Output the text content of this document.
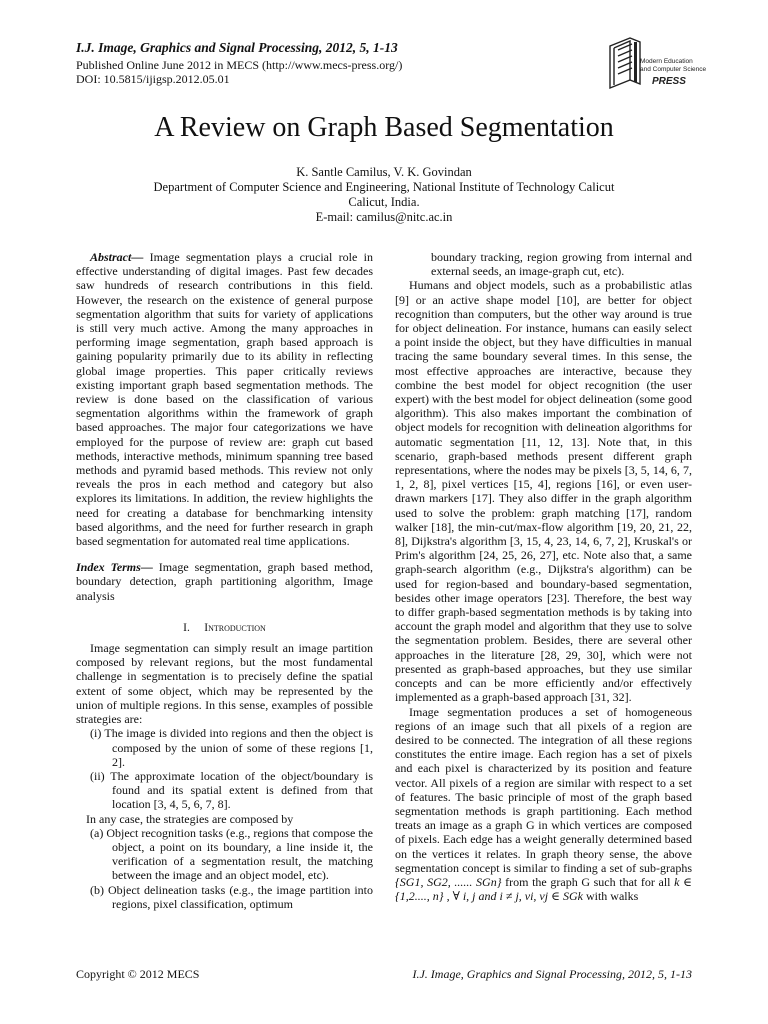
I.J. Image, Graphics and Signal Processing, 2012, 5, 1-13
Published Online June 2012 in MECS (http://www.mecs-press.org/)
DOI: 10.5815/ijigsp.2012.05.01
Modern Education
and Computer Science
PRESS
A Review on Graph Based Segmentation
K. Santle Camilus, V. K. Govindan
Department of Computer Science and Engineering, National Institute of Technology Calicut
Calicut, India.
E-mail: camilus@nitc.ac.in

Abstract— Image segmentation plays a crucial role in effective understanding of digital images. Past few decades saw hundreds of research contributions in this field. However, the research on the existence of general purpose segmentation algorithm that suits for variety of applications is still very much active. Among the many approaches in performing image segmentation, graph based approach is gaining popularity primarily due to its ability in reflecting global image properties. This paper critically reviews existing important graph based segmentation methods. The review is done based on the classification of various segmentation algorithms within the framework of graph based approaches. The major four categorizations we have employed for the purpose of review are: graph cut based methods, interactive methods, minimum spanning tree based methods and pyramid based methods. This review not only reveals the pros in each method and category but also explores its limitations. In addition, the review highlights the need for creating a database for benchmarking intensity based algorithms, and the need for further research in graph based segmentation for automated real time applications.

Index Terms— Image segmentation, graph based method, boundary detection, graph partitioning algorithm, Image analysis

I. Introduction

Image segmentation can simply result an image partition composed by relevant regions, but the most fundamental challenge in segmentation is to precisely define the spatial extent of some object, which may be represented by the union of multiple regions. In this sense, examples of possible strategies are:

(i) The image is divided into regions and then the object is composed by the union of some of these regions [1, 2].

(ii) The approximate location of the object/boundary is found and its spatial extent is defined from that location [3, 4, 5, 6, 7, 8].

In any case, the strategies are composed by

(a) Object recognition tasks (e.g., regions that compose the object, a point on its boundary, a line inside it, the verification of a segmentation result, the matching between the image and an object model, etc).

(b) Object delineation tasks (e.g., the image partition into regions, pixel classification, optimum

boundary tracking, region growing from internal and external seeds, an image-graph cut, etc).

Humans and object models, such as a probabilistic atlas [9] or an active shape model [10], are better for object recognition than computers, but the other way around is true for object delineation. For instance, humans can easily select a point inside the object, but they have difficulties in manual tracing the same boundary several times. In this sense, the most effective approaches are interactive, because they combine the best model for object recognition (the user expert) with the best model for object delineation (some good algorithm). This also makes important the combination of object models for recognition with delineation algorithms for automatic segmentation [11, 12, 13]. Note that, in this scenario, graph-based methods present different graph representations, where the nodes may be pixels [3, 5, 14, 6, 7, 1, 2, 8], pixel vertices [15, 4], regions [16], or even user-drawn markers [17]. They also differ in the graph algorithm used to solve the problem: graph matching [17], random walker [18], the min-cut/max-flow algorithm [19, 20, 21, 22, 8], Dijkstra's algorithm [3, 15, 4, 23, 14, 6, 7, 2], Kruskal's or Prim's algorithm [24, 25, 26, 27], etc. Note also that, a same graph-search algorithm (e.g., Dijkstra's algorithm) can be used for region-based and boundary-based segmentation, besides other image operators [23]. Therefore, the best way to differ graph-based segmentation methods is by taking into account the graph model and algorithm that they use to solve the segmentation problem. Besides, there are several other approaches in the literature [28, 29, 30], which were not presented as graph-based approaches, but they use similar concepts and can be more efficiently and/or effectively implemented as a graph-based approach [31, 32].

Image segmentation produces a set of homogeneous regions of an image such that all pixels of a region are desired to be connected. The integration of all these regions constitutes the entire image. Each region has a set of pixels and each pixel is characterized by its position and feature vector. All pixels of a region are similar with respect to a set of features. The basic principle of most of the graph based segmentation methods is graph partitioning. Each method treats an image as a graph G in which vertices are composed of pixels. Each edge has a weight generally determined based on the vertices it relates. In graph theory sense, the above segmentation concept is similar to finding a set of sub-graphs {SG1, SG2, ...... SGn} from the graph G such that for all k ∈ {1,2...., n} , ∀ i, j and i ≠ j, vi, vj ∈ SGk with walks

Copyright © 2012 MECS	I.J. Image, Graphics and Signal Processing, 2012, 5, 1-13
